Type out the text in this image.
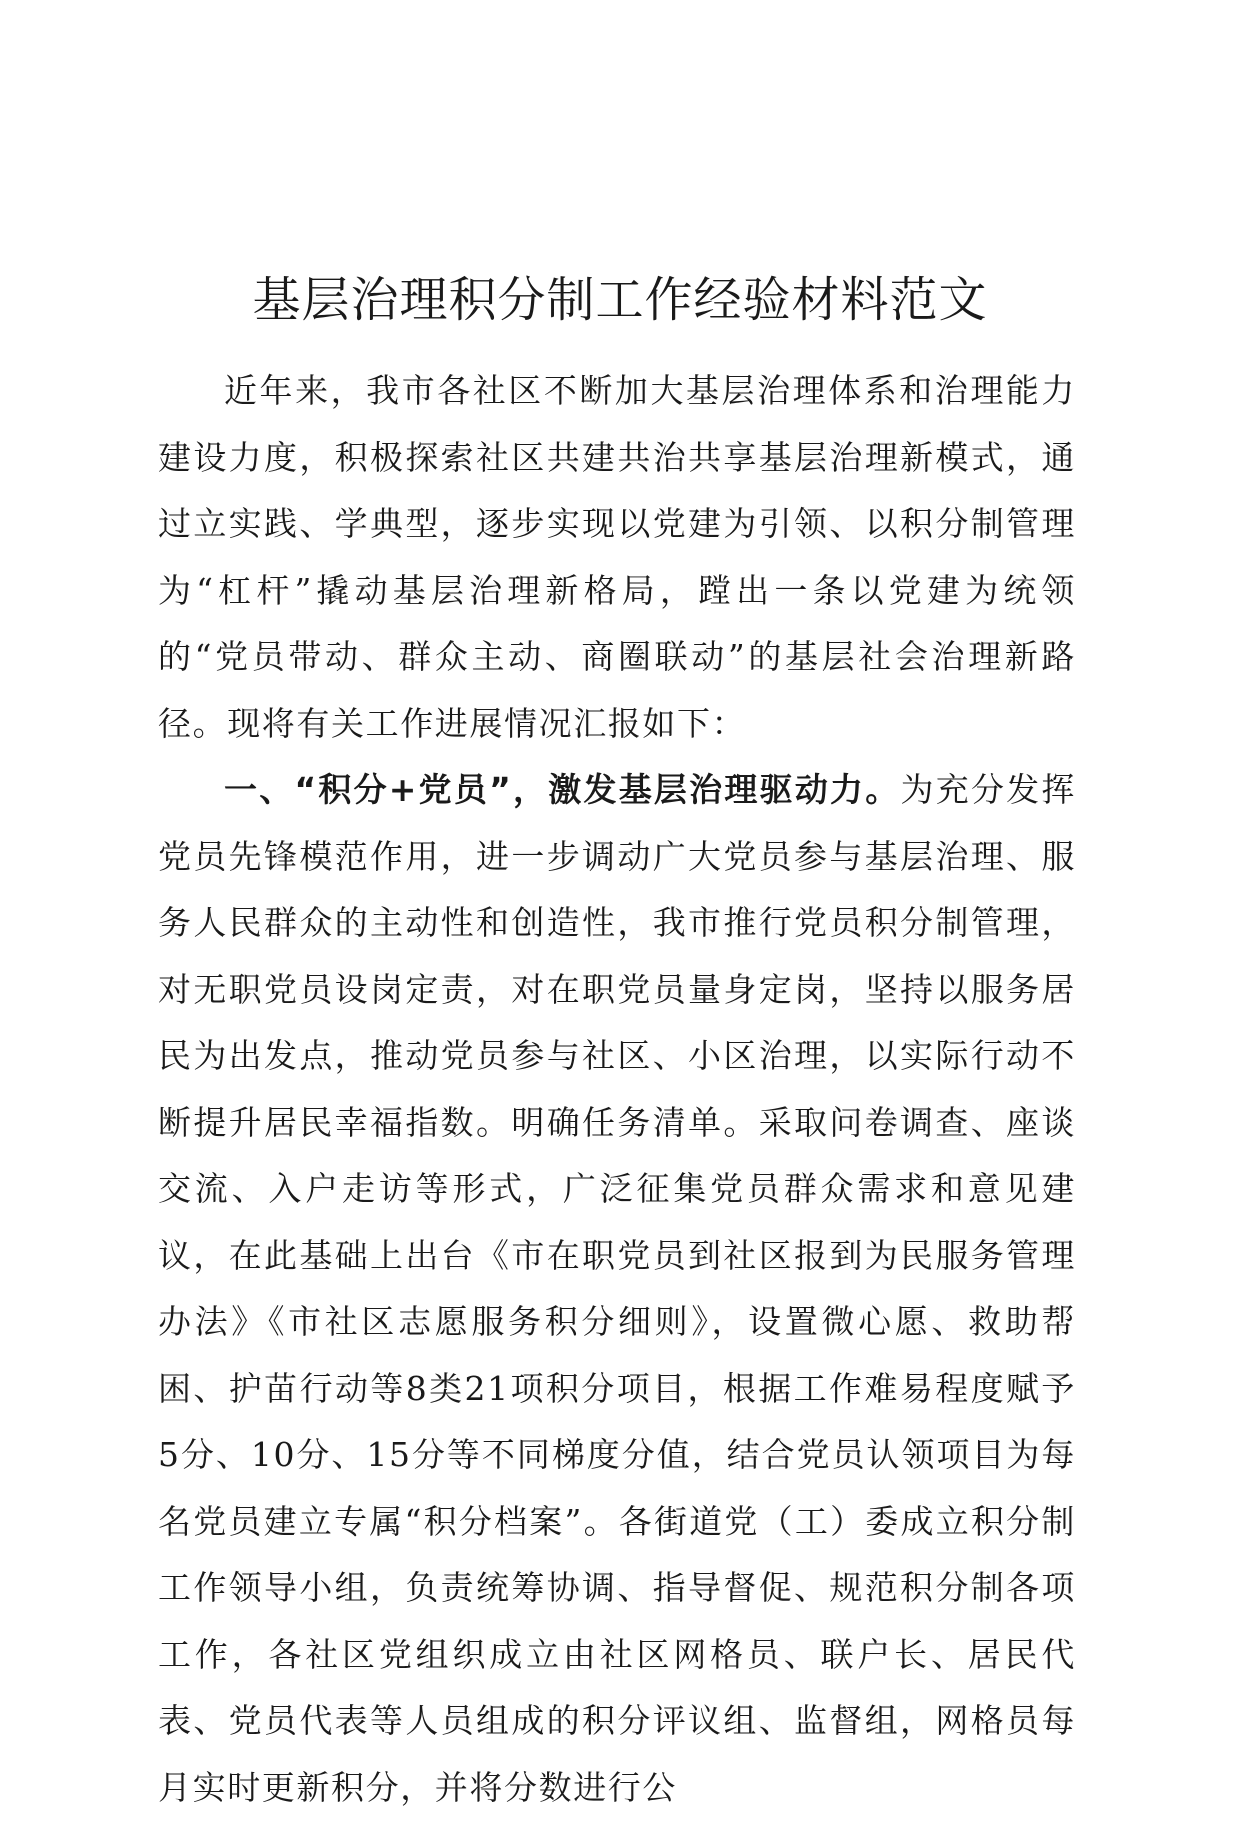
基层治理积分制工作经验材料范文

近年来，我市各社区不断加大基层治理体系和治理能力建设力度，积极探索社区共建共治共享基层治理新模式，通过立实践、学典型，逐步实现以党建为引领、以积分制管理为“杠杆”撬动基层治理新格局，蹚出一条以党建为统领的“党员带动、群众主动、商圈联动”的基层社会治理新路径。现将有关工作进展情况汇报如下：

一、“积分+党员”，激发基层治理驱动力。为充分发挥党员先锋模范作用，进一步调动广大党员参与基层治理、服务人民群众的主动性和创造性，我市推行党员积分制管理，对无职党员设岗定责，对在职党员量身定岗，坚持以服务居民为出发点，推动党员参与社区、小区治理，以实际行动不断提升居民幸福指数。明确任务清单。采取问卷调查、座谈交流、入户走访等形式，广泛征集党员群众需求和意见建议，在此基础上出台《市在职党员到社区报到为民服务管理办法》《市社区志愿服务积分细则》，设置微心愿、救助帮困、护苗行动等8类21项积分项目，根据工作难易程度赋予5分、10分、15分等不同梯度分值，结合党员认领项目为每名党员建立专属“积分档案”。各街道党（工）委成立积分制工作领导小组，负责统筹协调、指导督促、规范积分制各项工作，各社区党组织成立由社区网格员、联户长、居民代表、党员代表等人员组成的积分评议组、监督组，网格员每月实时更新积分，并将分数进行公
